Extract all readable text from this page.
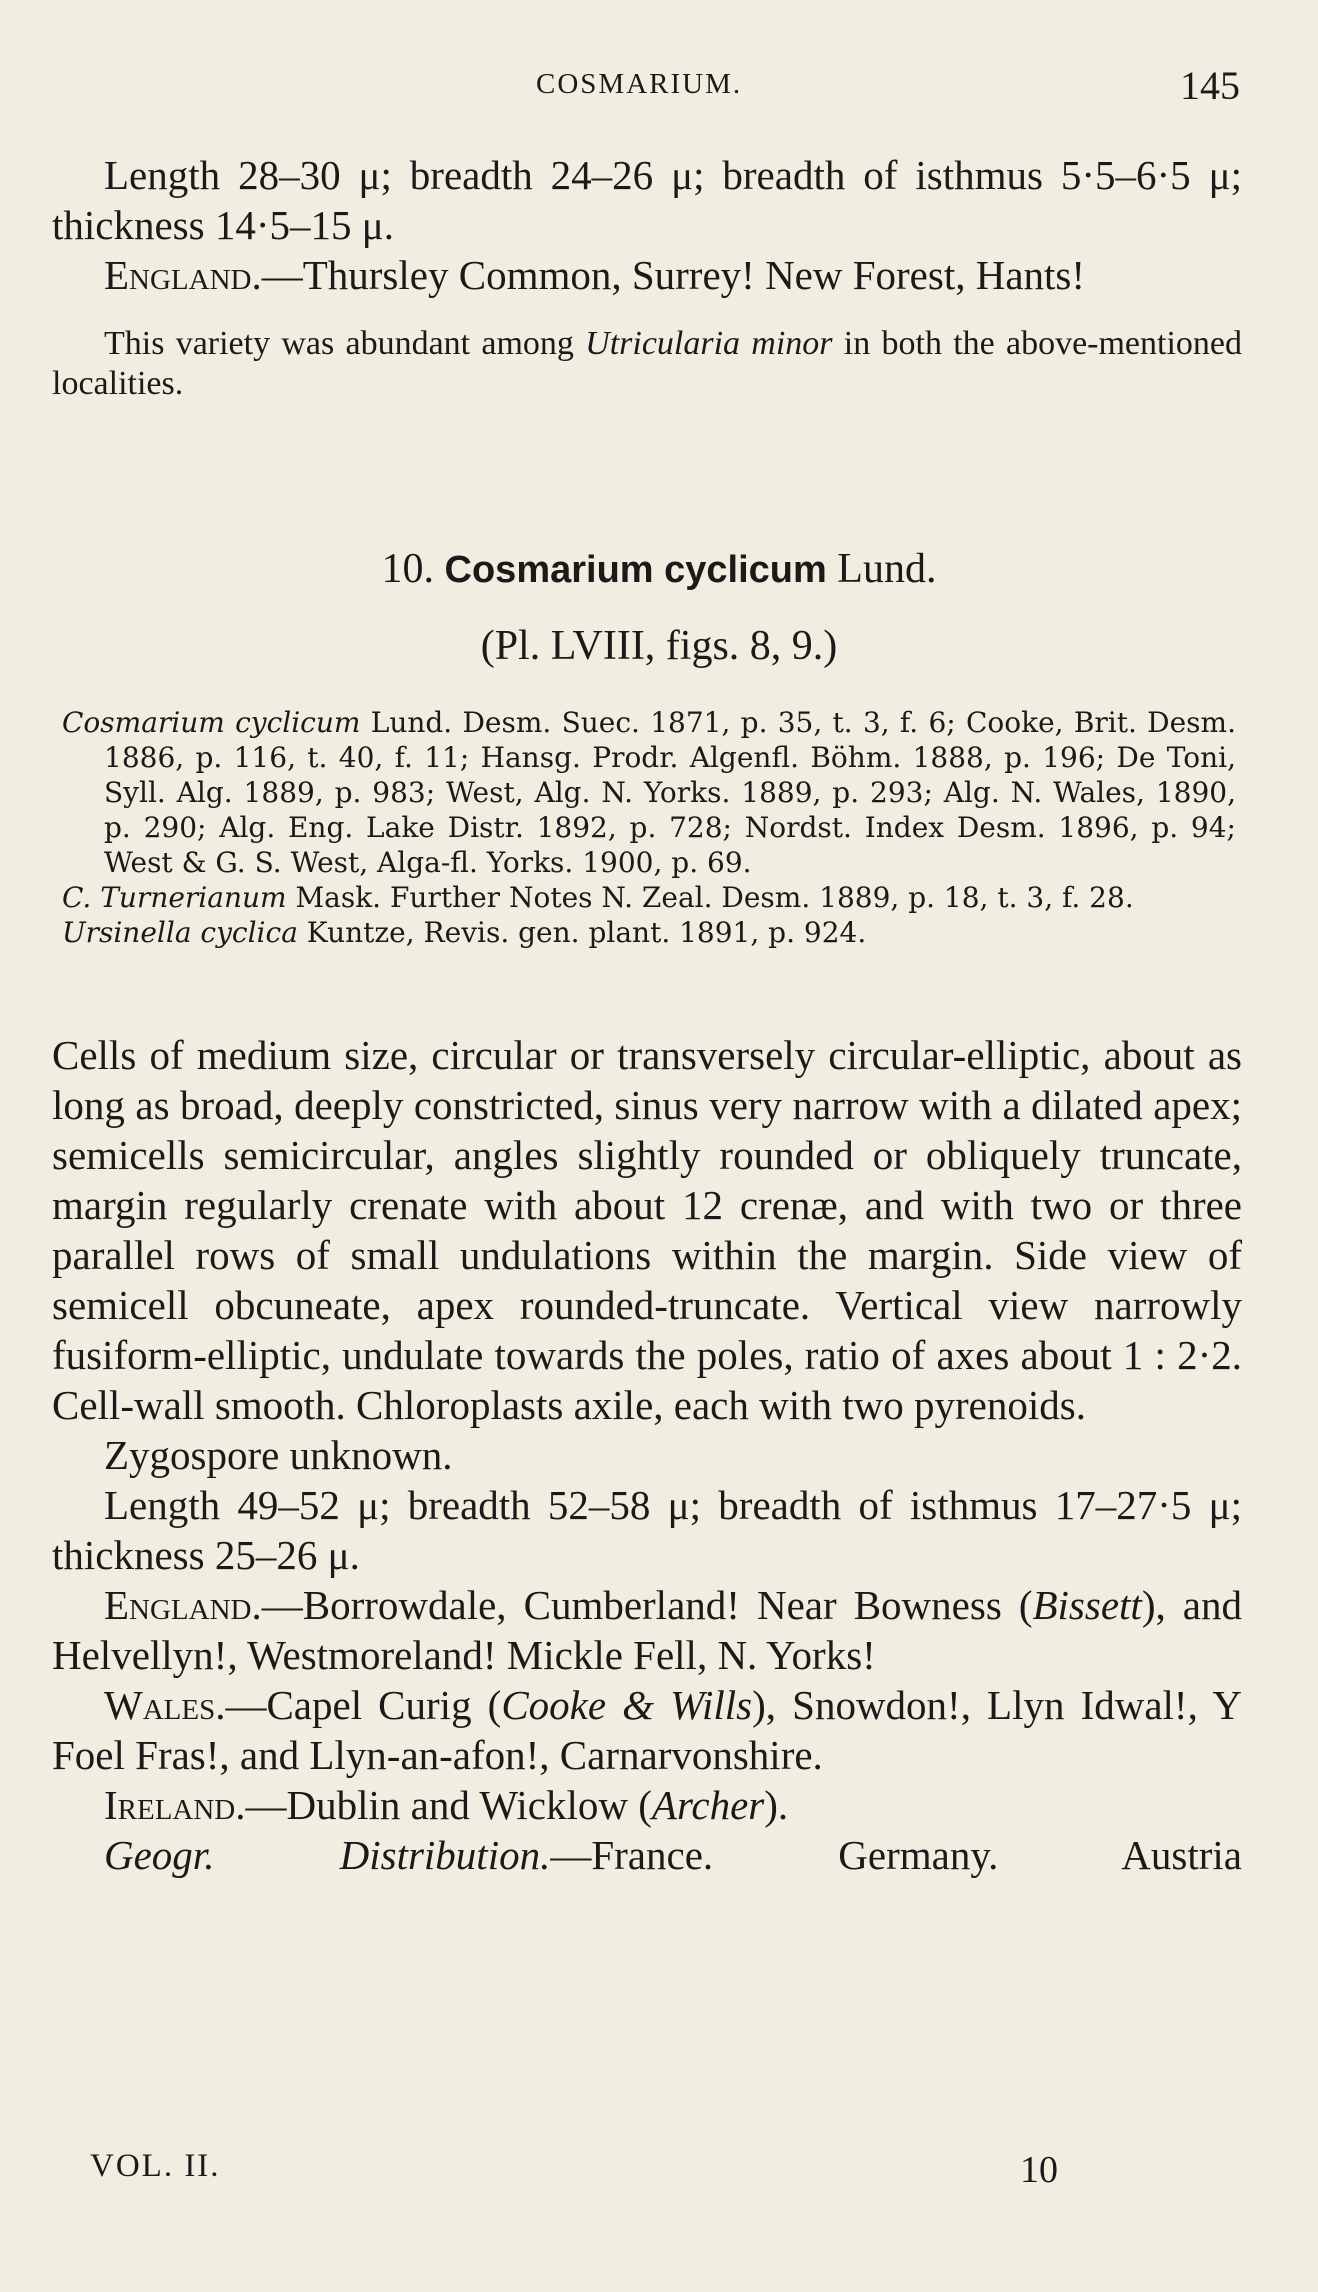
COSMARIUM.	145

Length 28–30 μ; breadth 24–26 μ; breadth of isthmus 5·5–6·5 μ; thickness 14·5–15 μ.

England.—Thursley Common, Surrey! New Forest, Hants!

This variety was abundant among Utricularia minor in both the above-mentioned localities.

10. Cosmarium cyclicum Lund.
(Pl. LVIII, figs. 8, 9.)

Cosmarium cyclicum Lund. Desm. Suec. 1871, p. 35, t. 3, f. 6; Cooke, Brit. Desm. 1886, p. 116, t. 40, f. 11; Hansg. Prodr. Algenfl. Böhm. 1888, p. 196; De Toni, Syll. Alg. 1889, p. 983; West, Alg. N. Yorks. 1889, p. 293; Alg. N. Wales, 1890, p. 290; Alg. Eng. Lake Distr. 1892, p. 728; Nordst. Index Desm. 1896, p. 94; West & G. S. West, Alga-fl. Yorks. 1900, p. 69.

C. Turnerianum Mask. Further Notes N. Zeal. Desm. 1889, p. 18, t. 3, f. 28.

Ursinella cyclica Kuntze, Revis. gen. plant. 1891, p. 924.

Cells of medium size, circular or transversely circular-elliptic, about as long as broad, deeply constricted, sinus very narrow with a dilated apex; semicells semicircular, angles slightly rounded or obliquely truncate, margin regularly crenate with about 12 crenæ, and with two or three parallel rows of small undulations within the margin. Side view of semicell obcuneate, apex rounded-truncate. Vertical view narrowly fusiform-elliptic, undulate towards the poles, ratio of axes about 1 : 2·2. Cell-wall smooth. Chloroplasts axile, each with two pyrenoids.

Zygospore unknown.

Length 49–52 μ; breadth 52–58 μ; breadth of isthmus 17–27·5 μ; thickness 25–26 μ.

England.—Borrowdale, Cumberland! Near Bowness (Bissett), and Helvellyn!, Westmoreland! Mickle Fell, N. Yorks!

Wales.—Capel Curig (Cooke & Wills), Snowdon!, Llyn Idwal!, Y Foel Fras!, and Llyn-an-afon!, Carnarvonshire.

Ireland.—Dublin and Wicklow (Archer).

Geogr. Distribution.—France. Germany. Austria

VOL. II.	10
